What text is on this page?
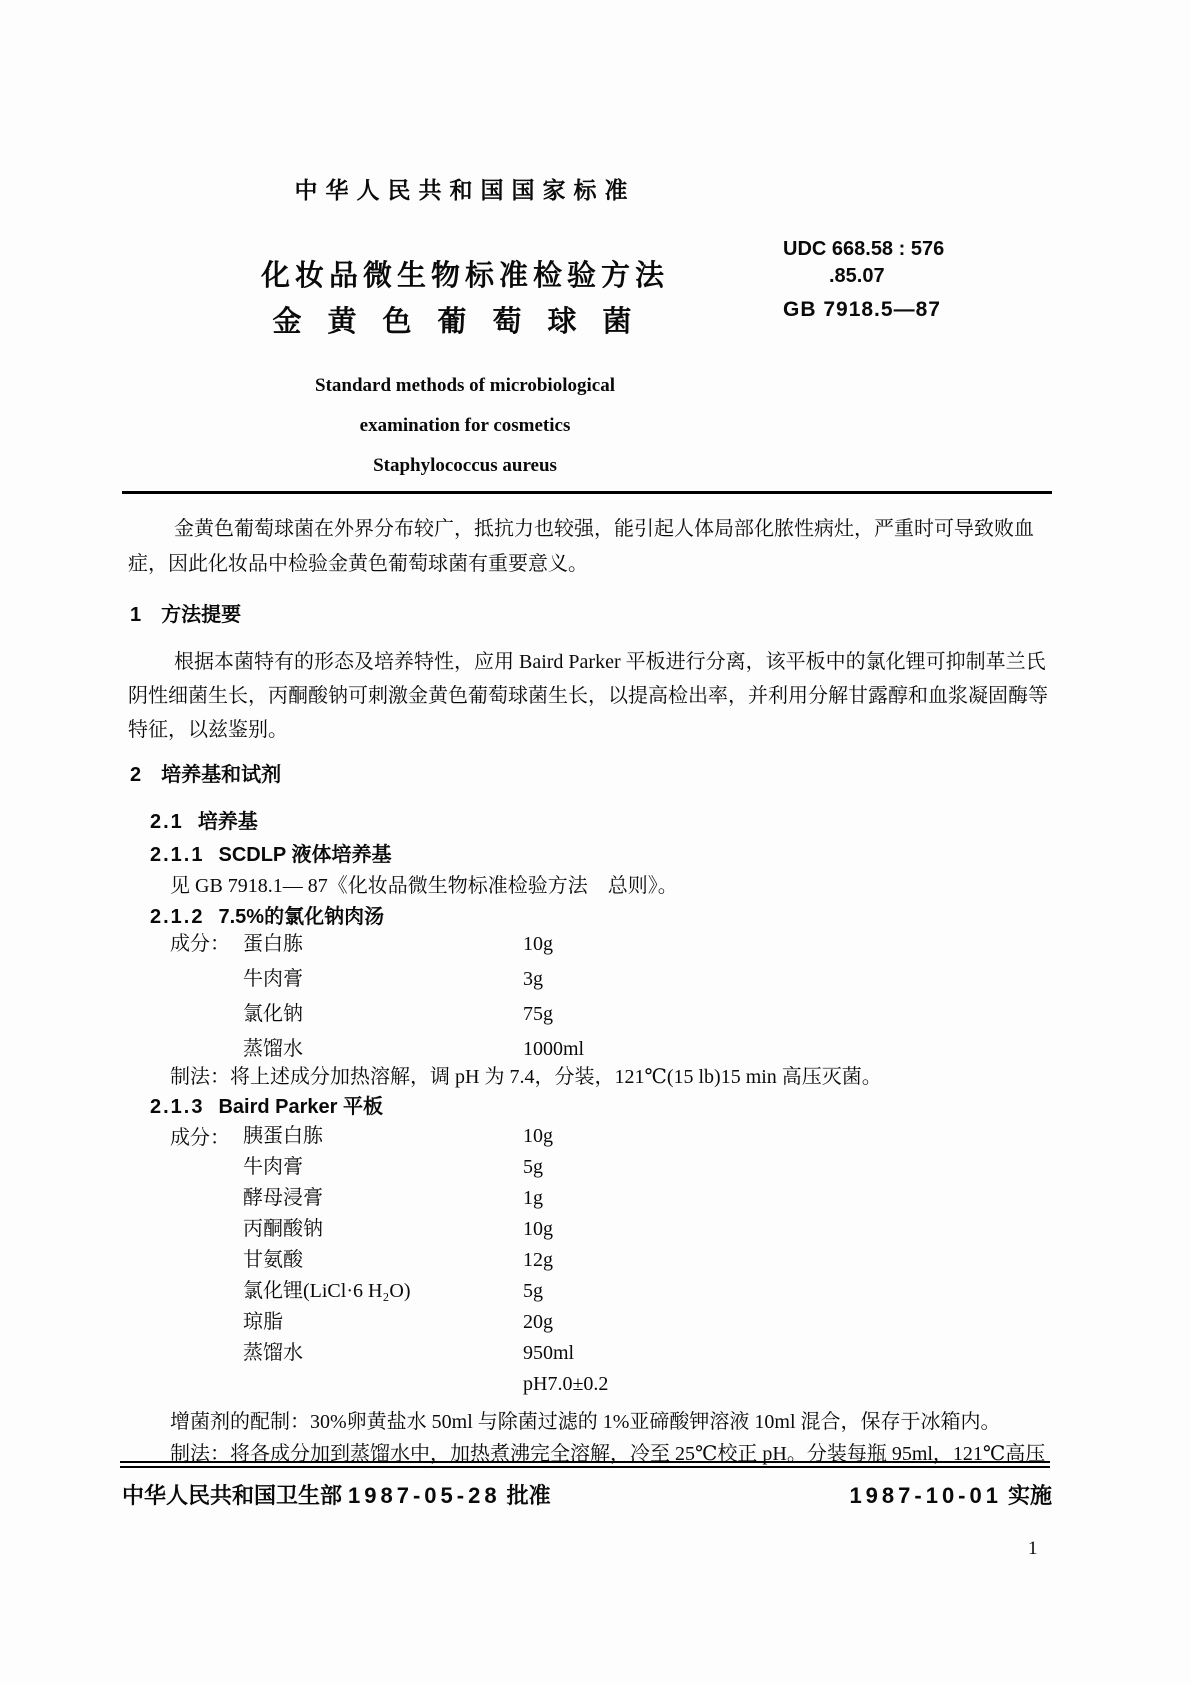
中华人民共和国国家标准
UDC 668.58 : 576
.85.07
化妆品微生物标准检验方法
金黄色葡萄球菌	GB 7918.5—87
Standard methods of microbiological
examination for cosmetics
Staphylococcus aureus
金黄色葡萄球菌在外界分布较广，抵抗力也较强，能引起人体局部化脓性病灶，严重时可导致败血症，因此化妆品中检验金黄色葡萄球菌有重要意义。
1 方法提要
根据本菌特有的形态及培养特性，应用 Baird Parker 平板进行分离，该平板中的氯化锂可抑制革兰氏阴性细菌生长，丙酮酸钠可刺激金黄色葡萄球菌生长，以提高检出率，并利用分解甘露醇和血浆凝固酶等特征，以兹鉴别。
2 培养基和试剂
2.1 培养基
2.1.1 SCDLP 液体培养基
见 GB 7918.1— 87《化妆品微生物标准检验方法　总则》。
2.1.2 7.5%的氯化钠肉汤
成分： 蛋白胨	10g
牛肉膏	3g
氯化钠	75g
蒸馏水	1000ml
制法：将上述成分加热溶解，调 pH 为 7.4，分装，121℃(15 lb)15 min 高压灭菌。
2.1.3 Baird Parker 平板
成分： 胰蛋白胨	10g
牛肉膏	5g
酵母浸膏	1g
丙酮酸钠	10g
甘氨酸	12g
氯化锂(LiCl·6 H₂O)	5g
琼脂	20g
蒸馏水	950ml
pH7.0±0.2
增菌剂的配制：30%卵黄盐水 50ml 与除菌过滤的 1%亚碲酸钾溶液 10ml 混合，保存于冰箱内。
制法：将各成分加到蒸馏水中，加热煮沸完全溶解，冷至 25℃校正 pH。分装每瓶 95ml，121℃高压
中华人民共和国卫生部 1987-05-28 批准	1987-10-01 实施
1
